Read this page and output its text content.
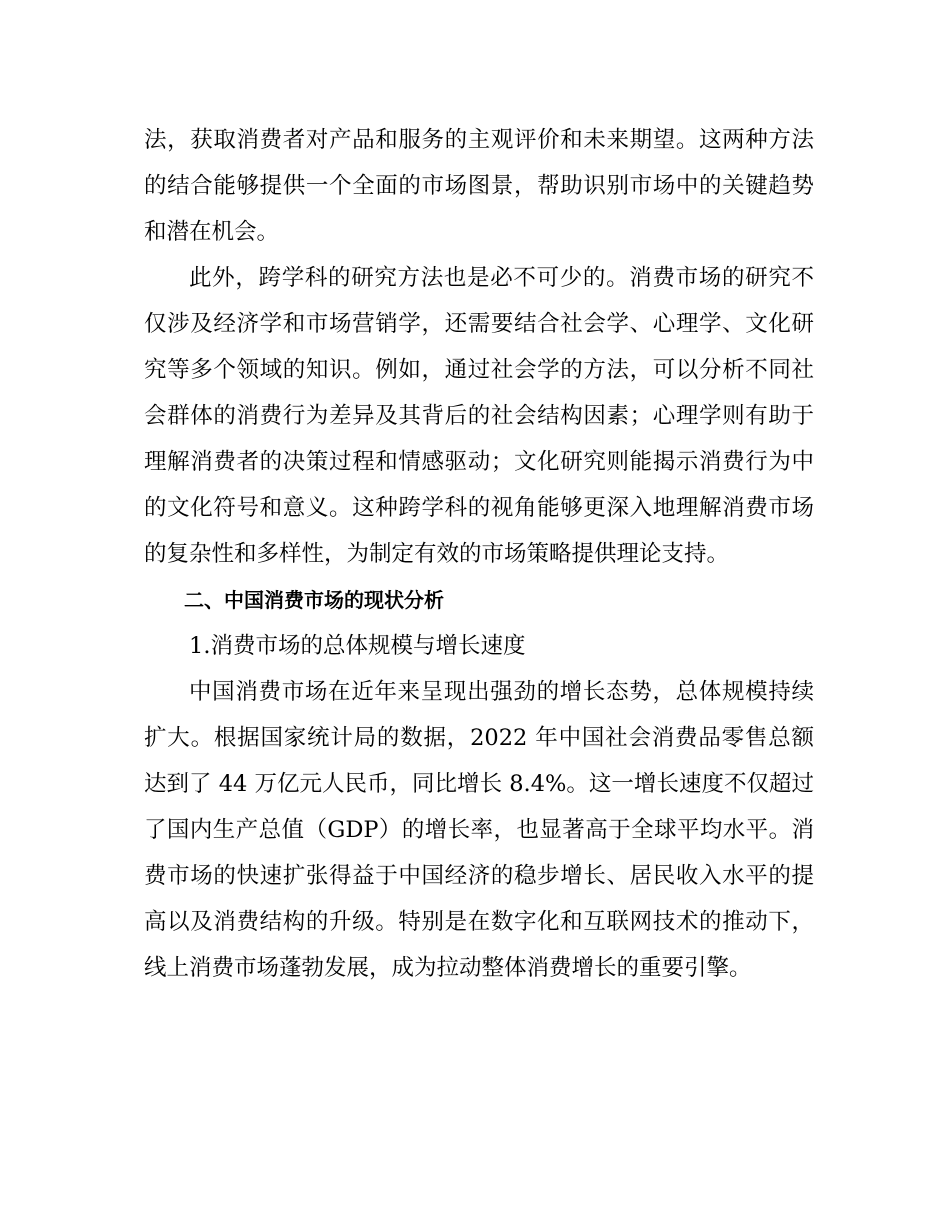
法，获取消费者对产品和服务的主观评价和未来期望。这两种方法的结合能够提供一个全面的市场图景，帮助识别市场中的关键趋势和潜在机会。

此外，跨学科的研究方法也是必不可少的。消费市场的研究不仅涉及经济学和市场营销学，还需要结合社会学、心理学、文化研究等多个领域的知识。例如，通过社会学的方法，可以分析不同社会群体的消费行为差异及其背后的社会结构因素；心理学则有助于理解消费者的决策过程和情感驱动；文化研究则能揭示消费行为中的文化符号和意义。这种跨学科的视角能够更深入地理解消费市场的复杂性和多样性，为制定有效的市场策略提供理论支持。

二、中国消费市场的现状分析

1.消费市场的总体规模与增长速度

中国消费市场在近年来呈现出强劲的增长态势，总体规模持续扩大。根据国家统计局的数据，2022 年中国社会消费品零售总额达到了 44 万亿元人民币，同比增长 8.4%。这一增长速度不仅超过了国内生产总值（GDP）的增长率，也显著高于全球平均水平。消费市场的快速扩张得益于中国经济的稳步增长、居民收入水平的提高以及消费结构的升级。特别是在数字化和互联网技术的推动下，线上消费市场蓬勃发展，成为拉动整体消费增长的重要引擎。
